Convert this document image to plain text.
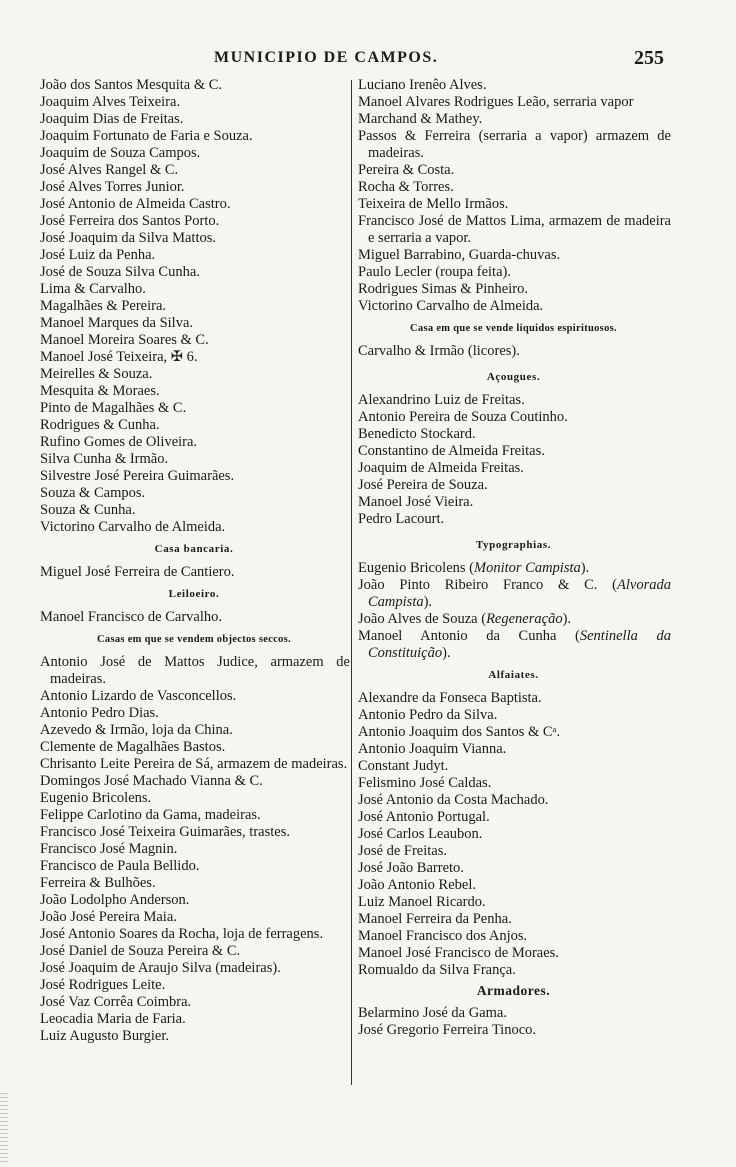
MUNICIPIO DE CAMPOS.	255
João dos Santos Mesquita & C.
Joaquim Alves Teixeira.
Joaquim Dias de Freitas.
Joaquim Fortunato de Faria e Souza.
Joaquim de Souza Campos.
José Alves Rangel & C.
José Alves Torres Junior.
José Antonio de Almeida Castro.
José Ferreira dos Santos Porto.
José Joaquim da Silva Mattos.
José Luiz da Penha.
José de Souza Silva Cunha.
Lima & Carvalho.
Magalhães & Pereira.
Manoel Marques da Silva.
Manoel Moreira Soares & C.
Manoel José Teixeira, ✠ 6.
Meirelles & Souza.
Mesquita & Moraes.
Pinto de Magalhães & C.
Rodrigues & Cunha.
Rufino Gomes de Oliveira.
Silva Cunha & Irmão.
Silvestre José Pereira Guimarães.
Souza & Campos.
Souza & Cunha.
Victorino Carvalho de Almeida.
Casa bancaria.
Miguel José Ferreira de Cantiero.
Leiloeiro.
Manoel Francisco de Carvalho.
Casas em que se vendem objectos seccos.
Antonio José de Mattos Judice, armazem de madeiras.
Antonio Lizardo de Vasconcellos.
Antonio Pedro Dias.
Azevedo & Irmão, loja da China.
Clemente de Magalhães Bastos.
Chrisanto Leite Pereira de Sá, armazem de madeiras.
Domingos José Machado Vianna & C.
Eugenio Bricolens.
Felippe Carlotino da Gama, madeiras.
Francisco José Teixeira Guimarães, trastes.
Francisco José Magnin.
Francisco de Paula Bellido.
Ferreira & Bulhões.
João Lodolpho Anderson.
João José Pereira Maia.
José Antonio Soares da Rocha, loja de ferragens.
José Daniel de Souza Pereira & C.
José Joaquim de Araujo Silva (madeiras).
José Rodrigues Leite.
José Vaz Corrêa Coimbra.
Leocadia Maria de Faria.
Luiz Augusto Burgier.
Luciano Irenêo Alves.
Manoel Alvares Rodrigues Leão, serraria vapor
Marchand & Mathey.
Passos & Ferreira (serraria a vapor) armazem de madeiras.
Pereira & Costa.
Rocha & Torres.
Teixeira de Mello Irmãos.
Francisco José de Mattos Lima, armazem de madeira e serraria a vapor.
Miguel Barrabino, Guarda-chuvas.
Paulo Lecler (roupa feita).
Rodrigues Simas & Pinheiro.
Victorino Carvalho de Almeida.
Casa em que se vende liquidos espirituosos.
Carvalho & Irmão (licores).
Açougues.
Alexandrino Luiz de Freitas.
Antonio Pereira de Souza Coutinho.
Benedicto Stockard.
Constantino de Almeida Freitas.
Joaquim de Almeida Freitas.
José Pereira de Souza.
Manoel José Vieira.
Pedro Lacourt.
Typographias.
Eugenio Bricolens (Monitor Campista).
João Pinto Ribeiro Franco & C. (Alvorada Campista).
João Alves de Souza (Regeneração).
Manoel Antonio da Cunha (Sentinella da Constituição).
Alfaiates.
Alexandre da Fonseca Baptista.
Antonio Pedro da Silva.
Antonio Joaquim dos Santos & Cᵃ.
Antonio Joaquim Vianna.
Constant Judyt.
Felismino José Caldas.
José Antonio da Costa Machado.
José Antonio Portugal.
José Carlos Leaubon.
José de Freitas.
José João Barreto.
João Antonio Rebel.
Luiz Manoel Ricardo.
Manoel Ferreira da Penha.
Manoel Francisco dos Anjos.
Manoel José Francisco de Moraes.
Romualdo da Silva França.
Armadores.
Belarmino José da Gama.
José Gregorio Ferreira Tinoco.
